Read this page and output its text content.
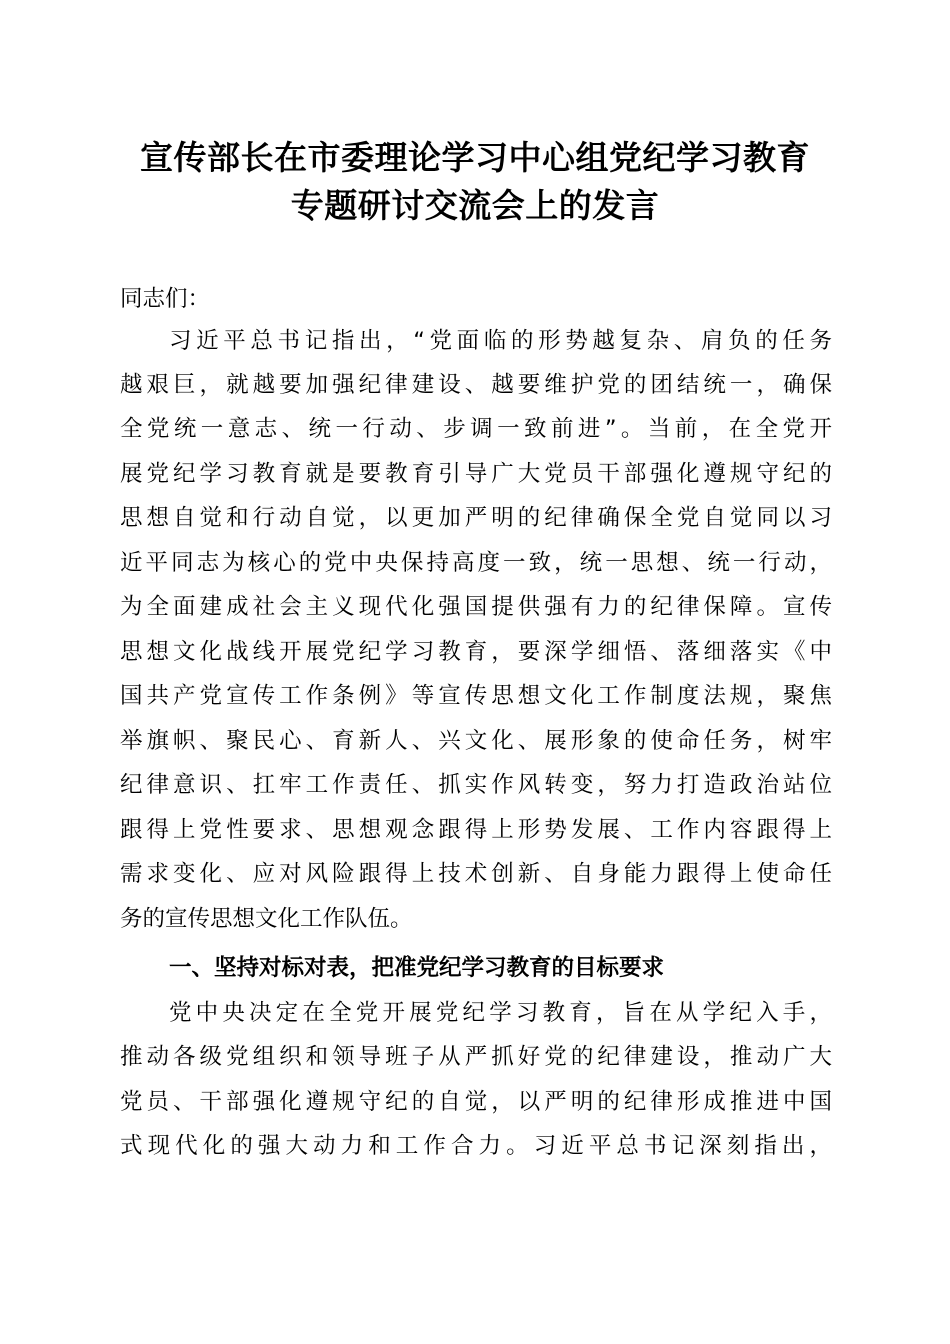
宣传部长在市委理论学习中心组党纪学习教育
专题研讨交流会上的发言
同志们：
习近平总书记指出，“党面临的形势越复杂、肩负的任务
越艰巨，就越要加强纪律建设、越要维护党的团结统一，确保
全党统一意志、统一行动、步调一致前进”。当前，在全党开
展党纪学习教育就是要教育引导广大党员干部强化遵规守纪的
思想自觉和行动自觉，以更加严明的纪律确保全党自觉同以习
近平同志为核心的党中央保持高度一致，统一思想、统一行动，
为全面建成社会主义现代化强国提供强有力的纪律保障。宣传
思想文化战线开展党纪学习教育，要深学细悟、落细落实《中
国共产党宣传工作条例》等宣传思想文化工作制度法规，聚焦
举旗帜、聚民心、育新人、兴文化、展形象的使命任务，树牢
纪律意识、扛牢工作责任、抓实作风转变，努力打造政治站位
跟得上党性要求、思想观念跟得上形势发展、工作内容跟得上
需求变化、应对风险跟得上技术创新、自身能力跟得上使命任
务的宣传思想文化工作队伍。
一、坚持对标对表，把准党纪学习教育的目标要求
党中央决定在全党开展党纪学习教育，旨在从学纪入手，
推动各级党组织和领导班子从严抓好党的纪律建设，推动广大
党员、干部强化遵规守纪的自觉，以严明的纪律形成推进中国
式现代化的强大动力和工作合力。习近平总书记深刻指出，
